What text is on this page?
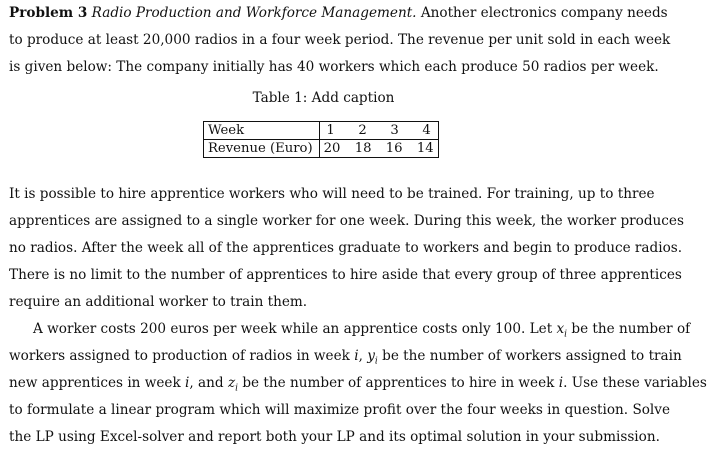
Problem 3 Radio Production and Workforce Management. Another electronics company needs
to produce at least 20,000 radios in a four week period. The revenue per unit sold in each week
is given below: The company initially has 40 workers which each produce 50 radios per week.
Table 1: Add caption
Week	1 2 3 4

Revenue (Euro)	20 18 16 14
It is possible to hire apprentice workers who will need to be trained. For training, up to three
apprentices are assigned to a single worker for one week. During this week, the worker produces
no radios. After the week all of the apprentices graduate to workers and begin to produce radios.
There is no limit to the number of apprentices to hire aside that every group of three apprentices
require an additional worker to train them.
A worker costs 200 euros per week while an apprentice costs only 100. Let $x_i$ be the number of
workers assigned to production of radios in week i, $y_i$ be the number of workers assigned to train
new apprentices in week i, and $z_i$ be the number of apprentices to hire in week i. Use these variables
to formulate a linear program which will maximize profit over the four weeks in question. Solve
the LP using Excel-solver and report both your LP and its optimal solution in your submission.
